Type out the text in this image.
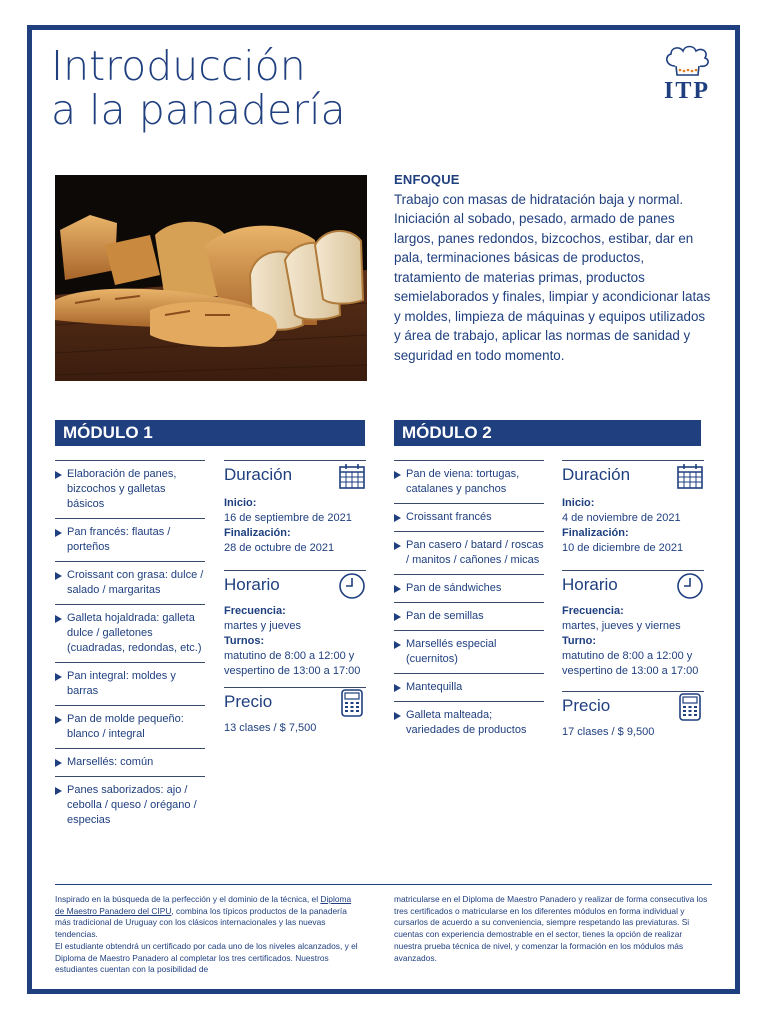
Introducción
a la panadería	ITP
ENFOQUE

Trabajo con masas de hidratación baja y normal. Iniciación al sobado, pesado, armado de panes largos, panes redondos, bizcochos, estibar, dar en pala, terminaciones básicas de productos, tratamiento de materias primas, productos semielaborados y finales, limpiar y acondicionar latas y moldes, limpieza de máquinas y equipos utilizados y área de trabajo, aplicar las normas de sanidad y seguridad en todo momento.

MÓDULO 1
Elaboración de panes, bizcochos y galletas básicos
Pan francés: flautas / porteños
Croissant con grasa: dulce / salado / margaritas
Galleta hojaldrada: galleta dulce / galletones (cuadradas, redondas, etc.)
Pan integral: moldes y barras
Pan de molde pequeño: blanco / integral
Marsellés: común
Panes saborizados: ajo / cebolla / queso / orégano / especias
Duración
Inicio:
16 de septiembre de 2021
Finalización:
28 de octubre de 2021
Horario
Frecuencia:
martes y jueves
Turnos:
matutino de 8:00 a 12:00 y vespertino de 13:00 a 17:00
Precio
13 clases / $ 7,500
MÓDULO 2
Pan de viena: tortugas, catalanes y panchos
Croissant francés
Pan casero / batard / roscas / manitos / cañones / micas
Pan de sándwiches
Pan de semillas
Marsellés especial (cuernitos)
Mantequilla
Galleta malteada; variedades de productos
Duración
Inicio:
4 de noviembre de 2021
Finalización:
10 de diciembre de 2021
Horario
Frecuencia:
martes, jueves y viernes
Turno:
matutino de 8:00 a 12:00 y vespertino de 13:00 a 17:00
Precio
17 clases / $ 9,500
Inspirado en la búsqueda de la perfección y el dominio de la técnica, el Diploma de Maestro Panadero del CIPU, combina los típicos productos de la panadería más tradicional de Uruguay con los clásicos internacionales y las nuevas tendencias.
El estudiante obtendrá un certificado por cada uno de los niveles alcanzados, y el Diploma de Maestro Panadero al completar los tres certificados. Nuestros estudiantes cuentan con la posibilidad de
matricularse en el Diploma de Maestro Panadero y realizar de forma consecutiva los tres certificados o matricularse en los diferentes módulos en forma individual y cursarlos de acuerdo a su conveniencia, siempre respetando las previaturas. Si cuentas con experiencia demostrable en el sector, tienes la opción de realizar nuestra prueba técnica de nivel, y comenzar la formación en los módulos más avanzados.
